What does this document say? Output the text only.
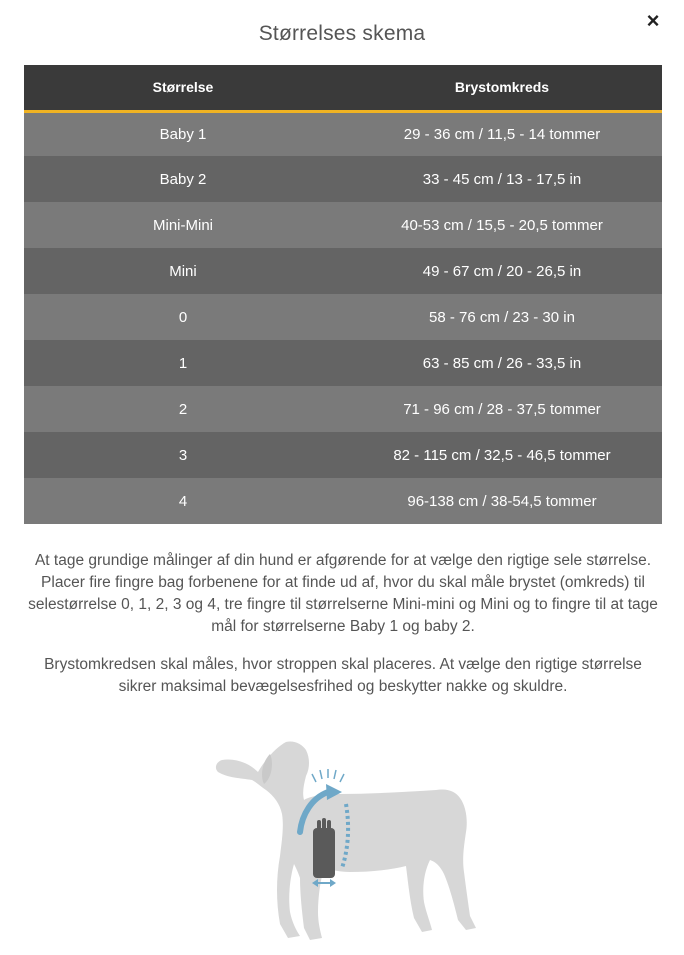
Størrelses skema
×
Størrelse	Brystomkreds
Baby 1	29 - 36 cm / 11,5 - 14 tommer
Baby 2	33 - 45 cm / 13 - 17,5 in
Mini-Mini	40-53 cm / 15,5 - 20,5 tommer
Mini	49 - 67 cm / 20 - 26,5 in
0	58 - 76 cm / 23 - 30 in
1	63 - 85 cm / 26 - 33,5 in
2	71 - 96 cm / 28 - 37,5 tommer
3	82 - 115 cm / 32,5 - 46,5 tommer
4	96-138 cm / 38-54,5 tommer

At tage grundige målinger af din hund er afgørende for at vælge den rigtige sele størrelse. Placer fire fingre bag forbenene for at finde ud af, hvor du skal måle brystet (omkreds) til selestørrelse 0, 1, 2, 3 og 4, tre fingre til størrelserne Mini-mini og Mini og to fingre til at tage mål for størrelserne Baby 1 og baby 2.

Brystomkredsen skal måles, hvor stroppen skal placeres. At vælge den rigtige størrelse sikrer maksimal bevægelsesfrihed og beskytter nakke og skuldre.
